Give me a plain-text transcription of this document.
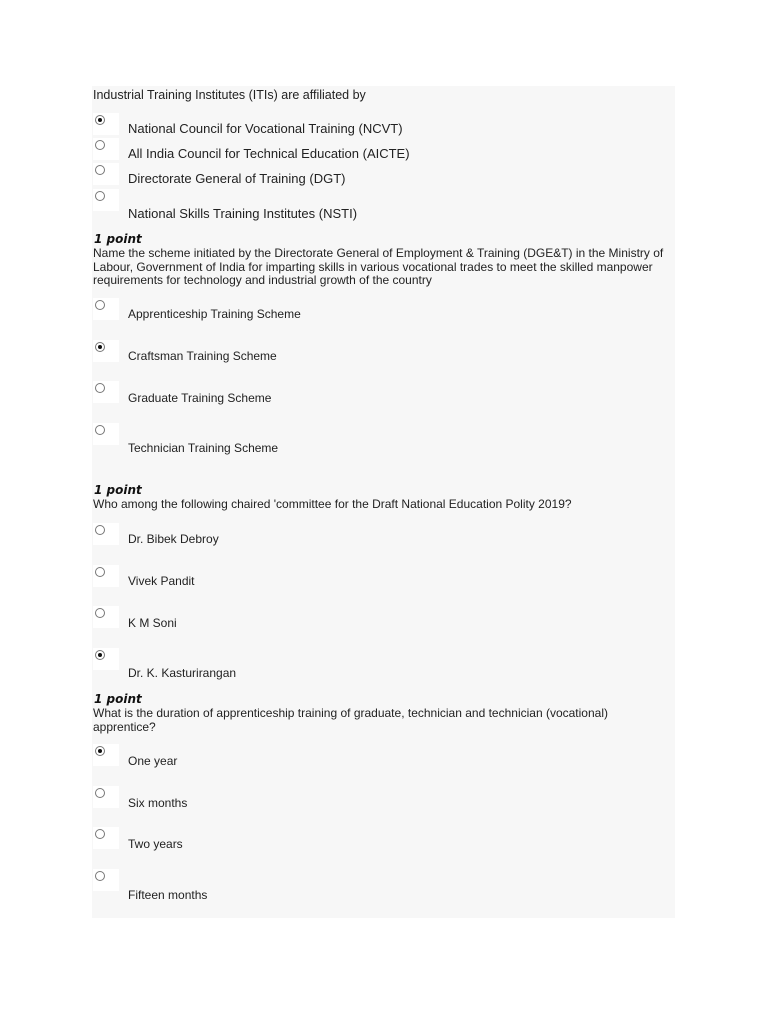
Industrial Training Institutes (ITIs) are affiliated by
National Council for Vocational Training (NCVT)
All India Council for Technical Education (AICTE)
Directorate General of Training (DGT)
National Skills Training Institutes (NSTI)
1 point
Name the scheme initiated by the Directorate General of Employment & Training (DGE&T) in the Ministry of Labour, Government of India for imparting skills in various vocational trades to meet the skilled manpower requirements for technology and industrial growth of the country
Apprenticeship Training Scheme
Craftsman Training Scheme
Graduate Training Scheme
Technician Training Scheme
1 point
Who among the following chaired 'committee for the Draft National Education Polity 2019?
Dr. Bibek Debroy
Vivek Pandit
K M Soni
Dr. K. Kasturirangan
1 point
What is the duration of apprenticeship training of graduate, technician and technician (vocational) apprentice?
One year
Six months
Two years
Fifteen months
